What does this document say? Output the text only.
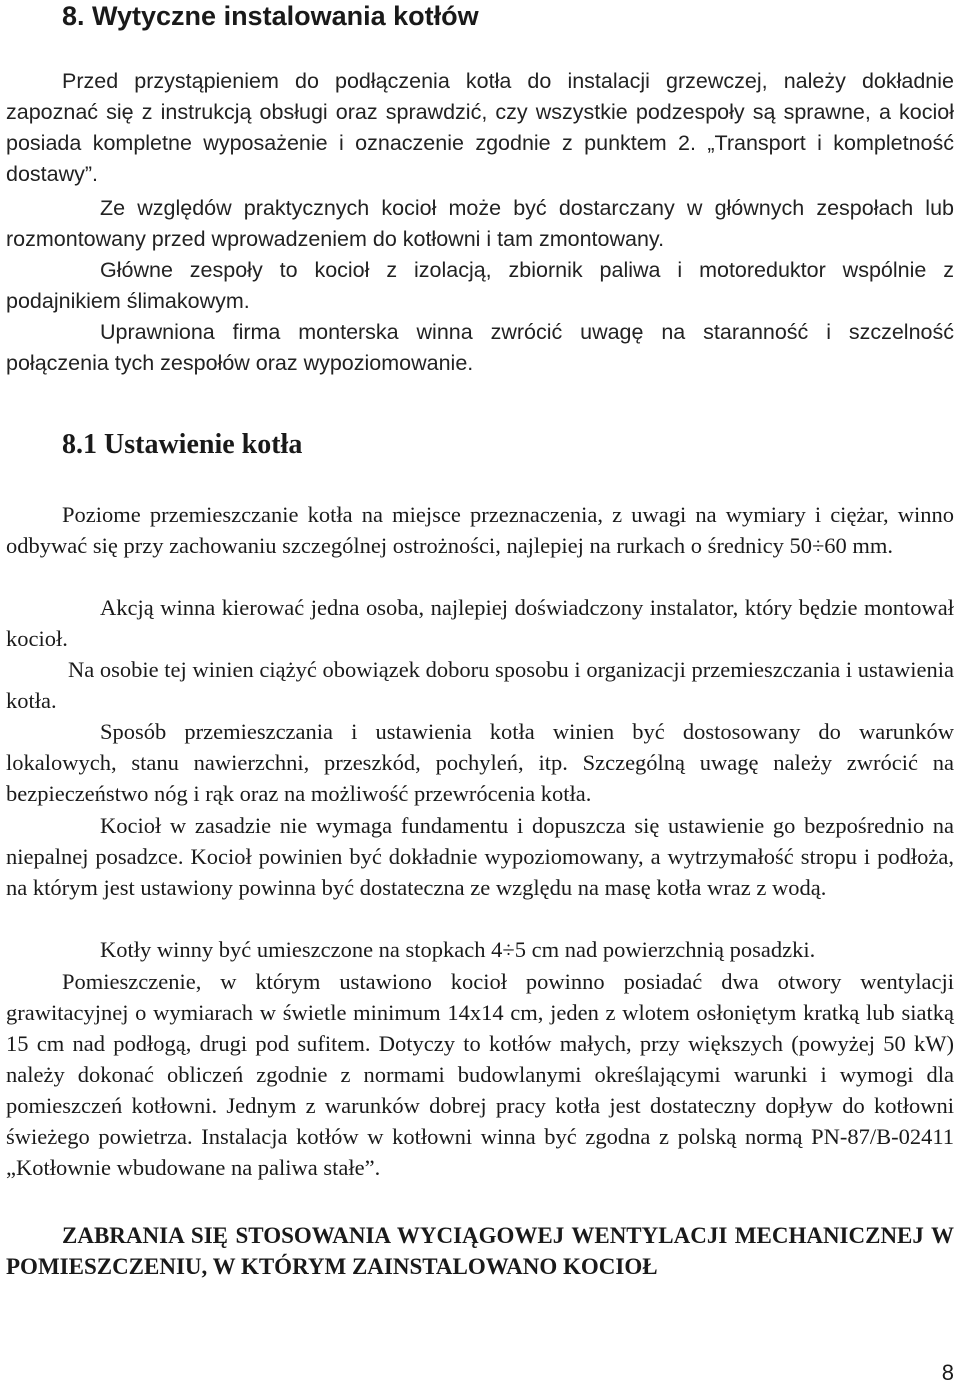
8. Wytyczne instalowania kotłów

Przed przystąpieniem do podłączenia kotła do instalacji grzewczej, należy dokładnie zapoznać się z instrukcją obsługi oraz sprawdzić, czy wszystkie podzespoły są sprawne, a kocioł posiada kompletne wyposażenie i oznaczenie zgodnie z punktem 2. „Transport i kompletność dostawy”.

Ze względów praktycznych kocioł może być dostarczany w głównych zespołach lub rozmontowany przed wprowadzeniem do kotłowni i tam zmontowany.

Główne zespoły to kocioł z izolacją, zbiornik paliwa i motoreduktor wspólnie z podajnikiem ślimakowym.

Uprawniona firma monterska winna zwrócić uwagę na staranność i szczelność połączenia tych zespołów oraz wypoziomowanie.

8.1 Ustawienie kotła

Poziome przemieszczanie kotła na miejsce przeznaczenia, z uwagi na wymiary i ciężar, winno odbywać się przy zachowaniu szczególnej ostrożności, najlepiej na rurkach o średnicy 50÷60 mm.

Akcją winna kierować jedna osoba, najlepiej doświadczony instalator, który będzie montował kocioł.

Na osobie tej winien ciążyć obowiązek doboru sposobu i organizacji przemieszczania i ustawienia kotła.

Sposób przemieszczania i ustawienia kotła winien być dostosowany do warunków lokalowych, stanu nawierzchni, przeszkód, pochyleń, itp. Szczególną uwagę należy zwrócić na bezpieczeństwo nóg i rąk oraz na możliwość przewrócenia kotła.

Kocioł w zasadzie nie wymaga fundamentu i dopuszcza się ustawienie go bezpośrednio na niepalnej posadzce. Kocioł powinien być dokładnie wypoziomowany, a wytrzymałość stropu i podłoża, na którym jest ustawiony powinna być dostateczna ze względu na masę kotła wraz z wodą.

Kotły winny być umieszczone na stopkach 4÷5 cm nad powierzchnią posadzki.

Pomieszczenie, w którym ustawiono kocioł powinno posiadać dwa otwory wentylacji grawitacyjnej o wymiarach w świetle minimum 14x14 cm, jeden z wlotem osłoniętym kratką lub siatką 15 cm nad podłogą, drugi pod sufitem. Dotyczy to kotłów małych, przy większych (powyżej 50 kW) należy dokonać obliczeń zgodnie z normami budowlanymi określającymi warunki i wymogi dla pomieszczeń kotłowni. Jednym z warunków dobrej pracy kotła jest dostateczny dopływ do kotłowni świeżego powietrza. Instalacja kotłów w kotłowni winna być zgodna z polską normą PN-87/B-02411 „Kotłownie wbudowane na paliwa stałe”.

ZABRANIA SIĘ STOSOWANIA WYCIĄGOWEJ WENTYLACJI MECHANICZNEJ W POMIESZCZENIU, W KTÓRYM ZAINSTALOWANO KOCIOŁ

8
